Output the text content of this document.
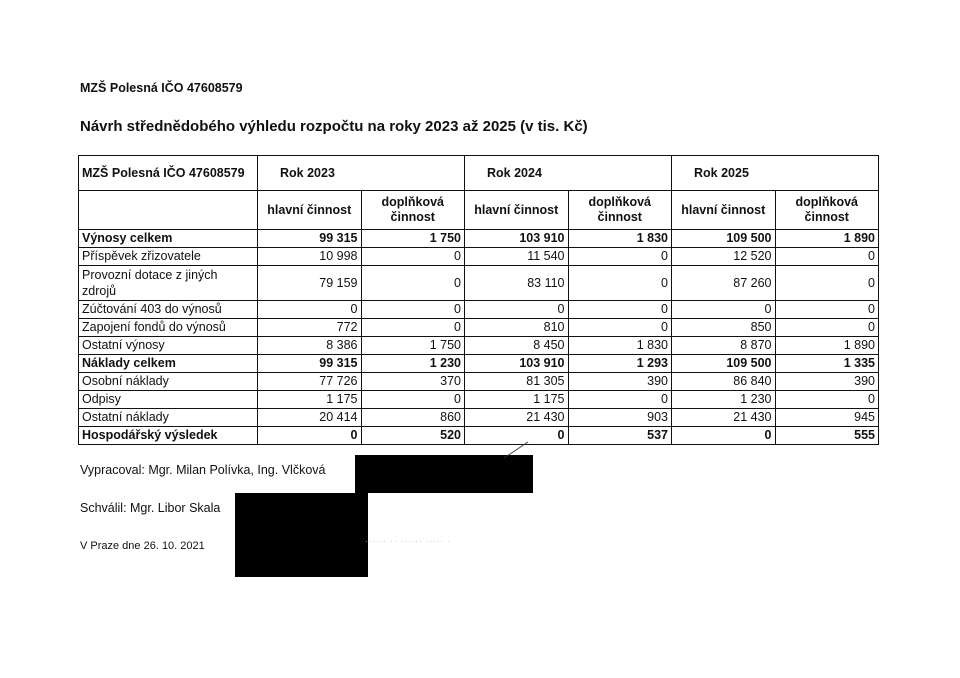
MZŠ Polesná IČO 47608579
Návrh střednědobého výhledu rozpočtu na roky 2023 až 2025 (v tis. Kč)
MZŠ Polesná IČO 47608579	Rok 2023		Rok 2024		Rok 2025	
	hlavní činnost	doplňková činnost	hlavní činnost	doplňková činnost	hlavní činnost	doplňková činnost
Výnosy celkem	99 315	1 750	103 910	1 830	109 500	1 890
Příspěvek zřizovatele	10 998	0	11 540	0	12 520	0
Provozní dotace z jiných zdrojů	79 159	0	83 110	0	87 260	0
Zúčtování 403 do výnosů	0	0	0	0	0	0
Zapojení fondů do výnosů	772	0	810	0	850	0
Ostatní výnosy	8 386	1 750	8 450	1 830	8 870	1 890
Náklady celkem	99 315	1 230	103 910	1 293	109 500	1 335
Osobní náklady	77 726	370	81 305	390	86 840	390
Odpisy	1 175	0	1 175	0	1 230	0
Ostatní náklady	20 414	860	21 430	903	21 430	945
Hospodářský výsledek	0	520	0	537	0	555
Vypracoval: Mgr. Milan Polívka, Ing. Vlčková
Schválil: Mgr. Libor Skala
V Praze dne 26. 10. 2021	······ ·· ······ ····· ·
